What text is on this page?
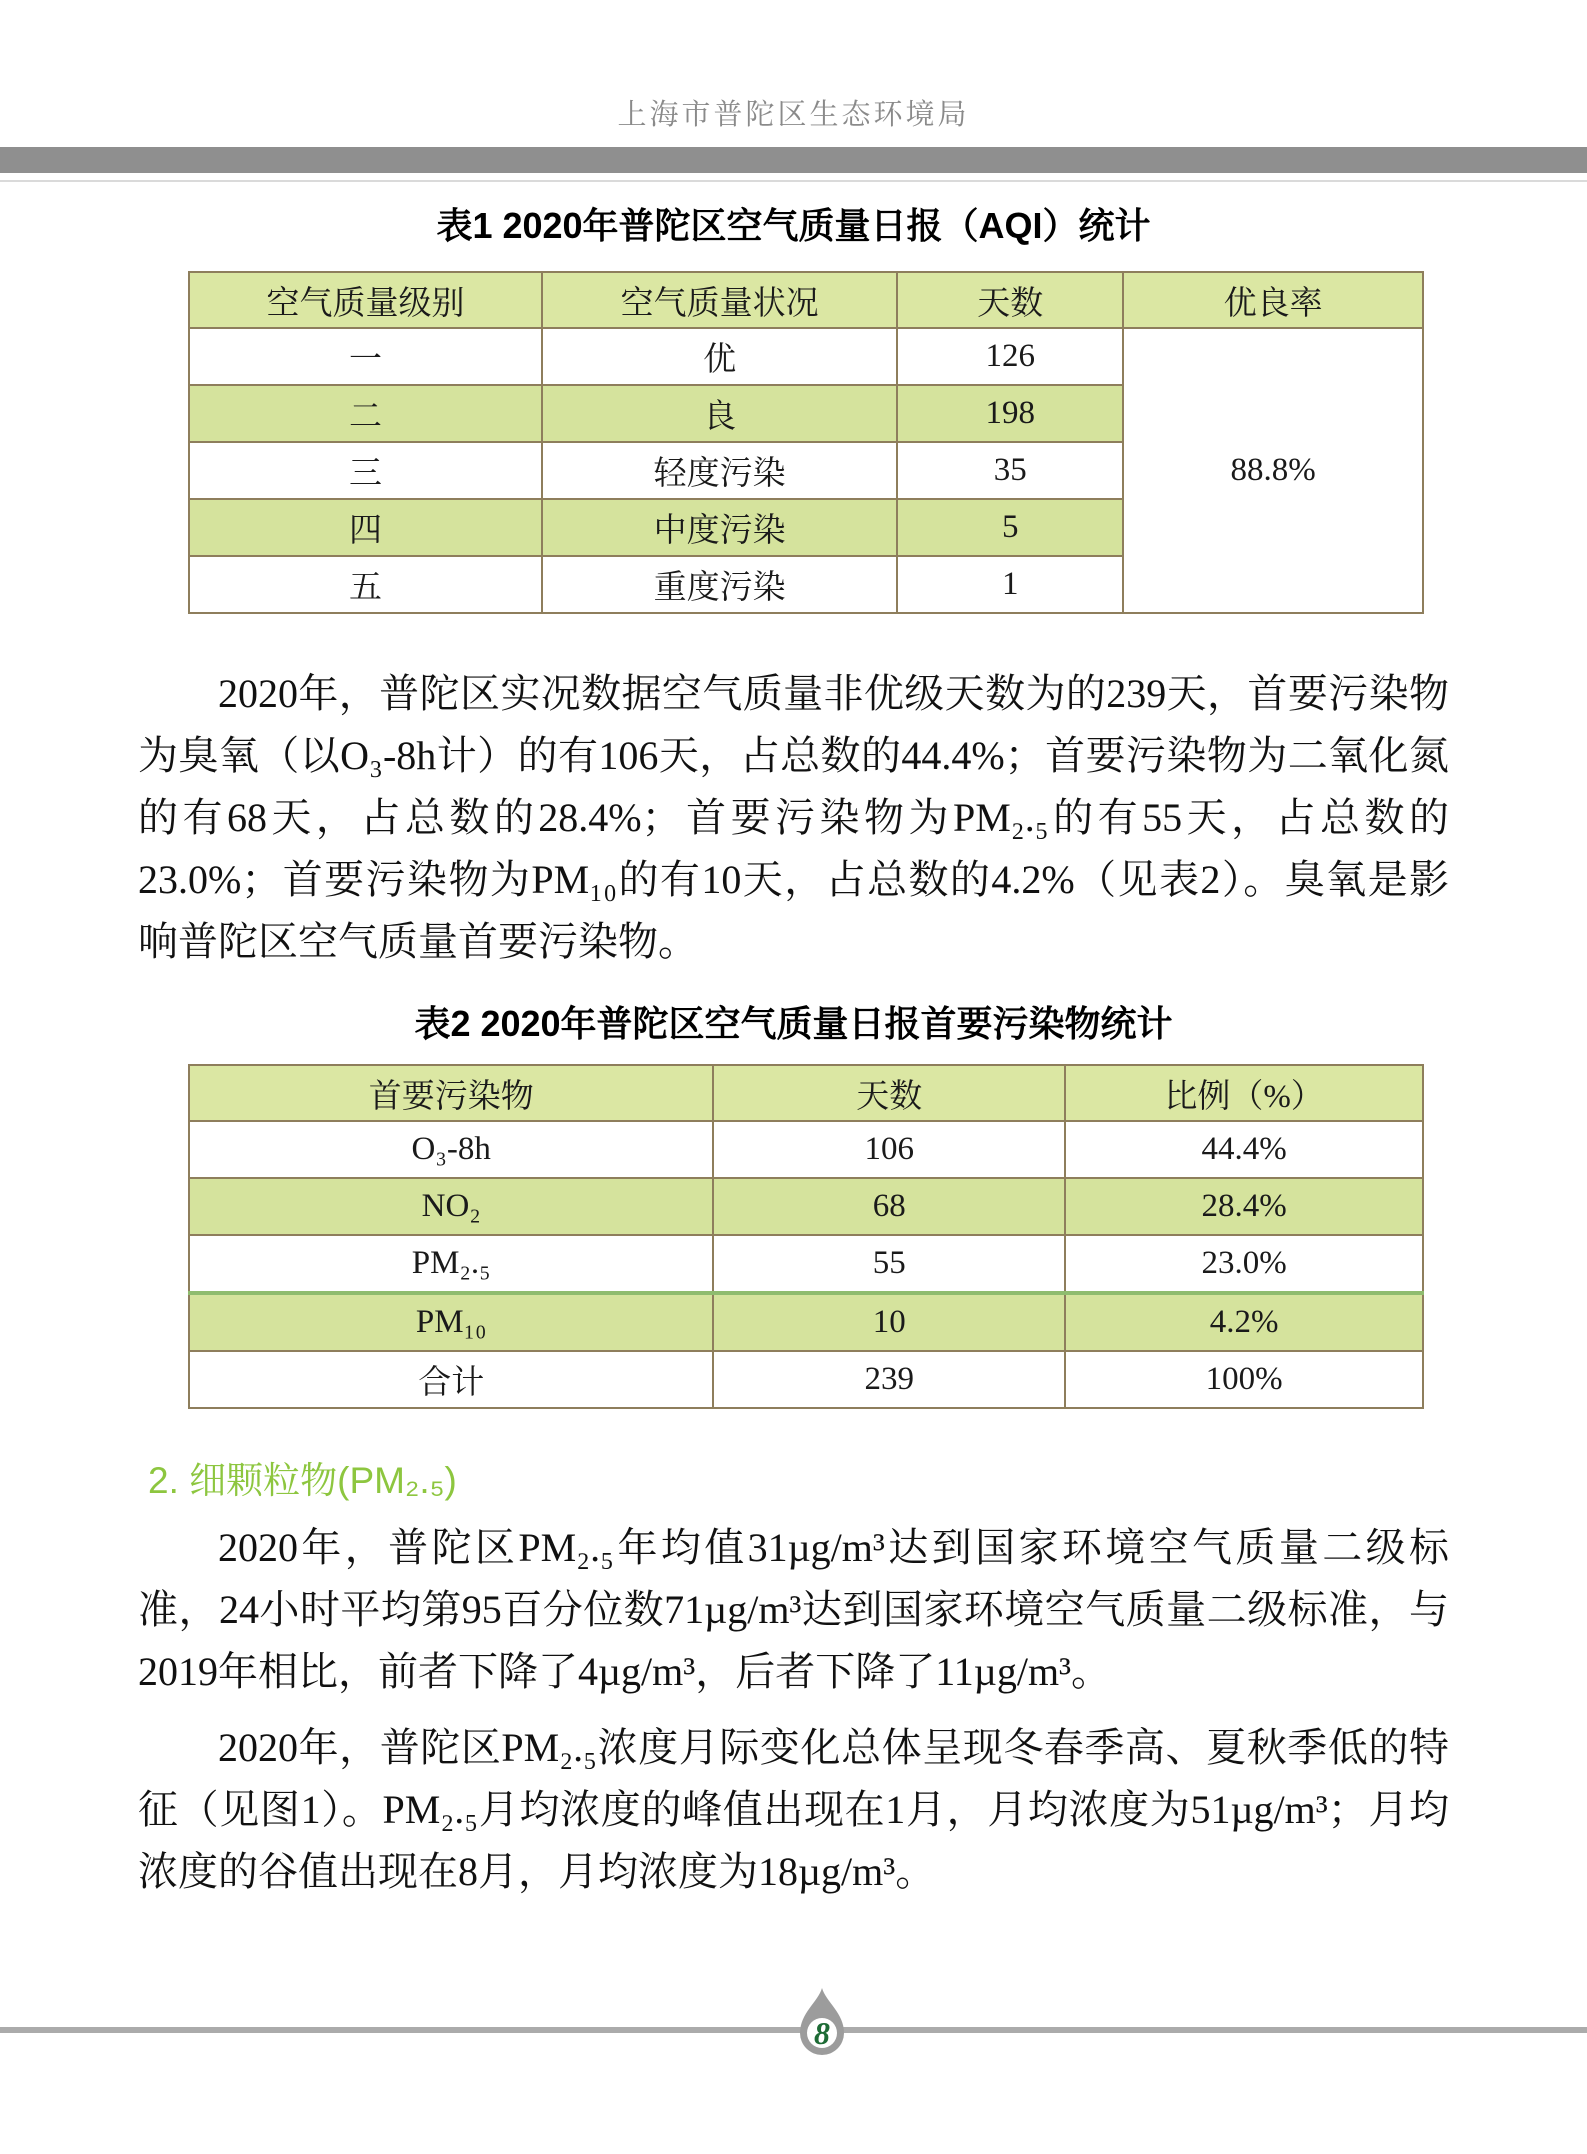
上海市普陀区生态环境局
表1 2020年普陀区空气质量日报（AQI）统计
空气质量级别	空气质量状况	天数	优良率
一	优	126	88.8%
二	良	198	
三	轻度污染	35	
四	中度污染	5	
五	重度污染	1	

2020年，普陀区实况数据空气质量非优级天数为的239天，首要污染物为臭氧（以O₃-8h计）的有106天，占总数的44.4%；首要污染物为二氧化氮的有68天，占总数的28.4%；首要污染物为PM₂.₅的有55天，占总数的23.0%；首要污染物为PM₁₀的有10天，占总数的4.2%（见表2）。臭氧是影响普陀区空气质量首要污染物。

表2 2020年普陀区空气质量日报首要污染物统计
首要污染物	天数	比例（%）
O₃-8h	106	44.4%
NO₂	68	28.4%
PM₂.₅	55	23.0%
PM₁₀	10	4.2%
合计	239	100%
2. 细颗粒物(PM₂.₅)

2020年，普陀区PM₂.₅年均值31µg/m³达到国家环境空气质量二级标准，24小时平均第95百分位数71µg/m³达到国家环境空气质量二级标准，与2019年相比，前者下降了4µg/m³，后者下降了11µg/m³。

2020年，普陀区PM₂.₅浓度月际变化总体呈现冬春季高、夏秋季低的特征（见图1）。PM₂.₅月均浓度的峰值出现在1月，月均浓度为51µg/m³；月均浓度的谷值出现在8月，月均浓度为18µg/m³。

8
